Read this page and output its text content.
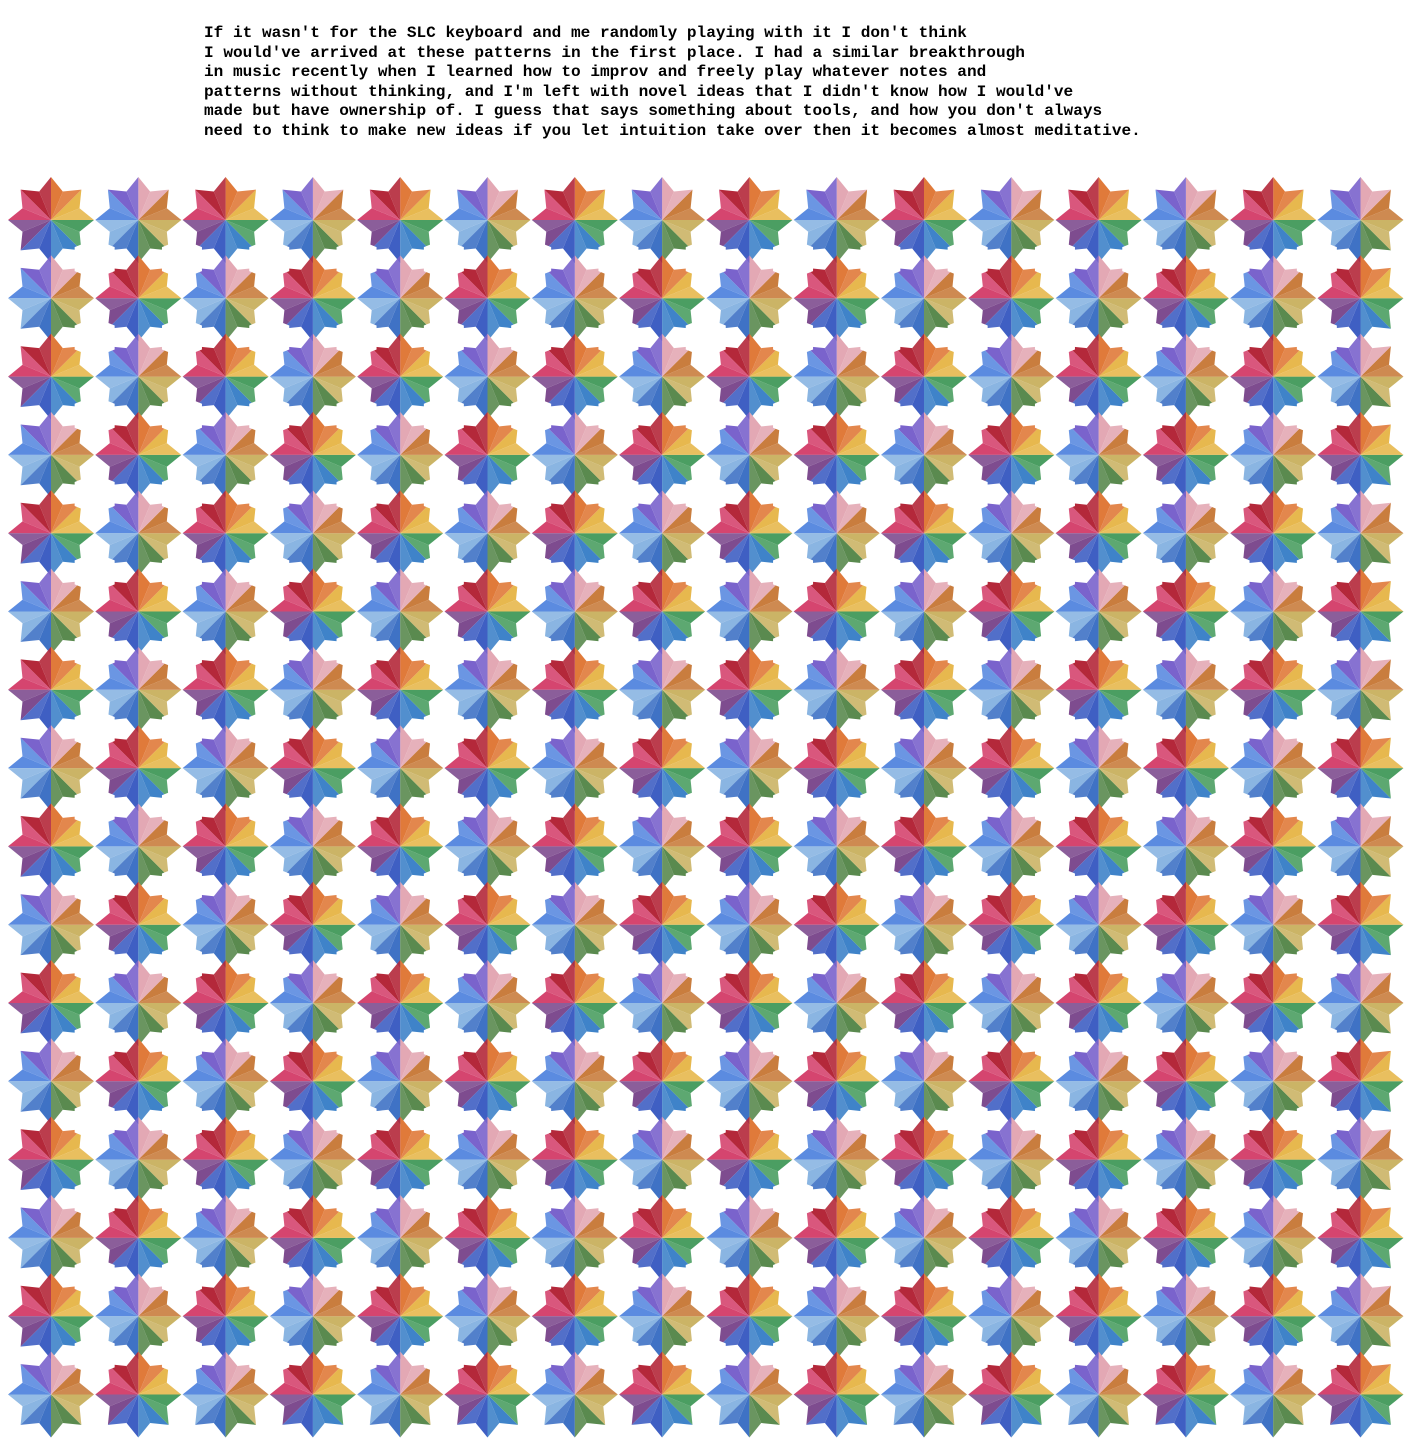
If it wasn't for the SLC keyboard and me randomly playing with it I don't think
I would've arrived at these patterns in the first place. I had a similar breakthrough
in music recently when I learned how to improv and freely play whatever notes and
patterns without thinking, and I'm left with novel ideas that I didn't know how I would've
made but have ownership of. I guess that says something about tools, and how you don't always
need to think to make new ideas if you let intuition take over then it becomes almost meditative.
